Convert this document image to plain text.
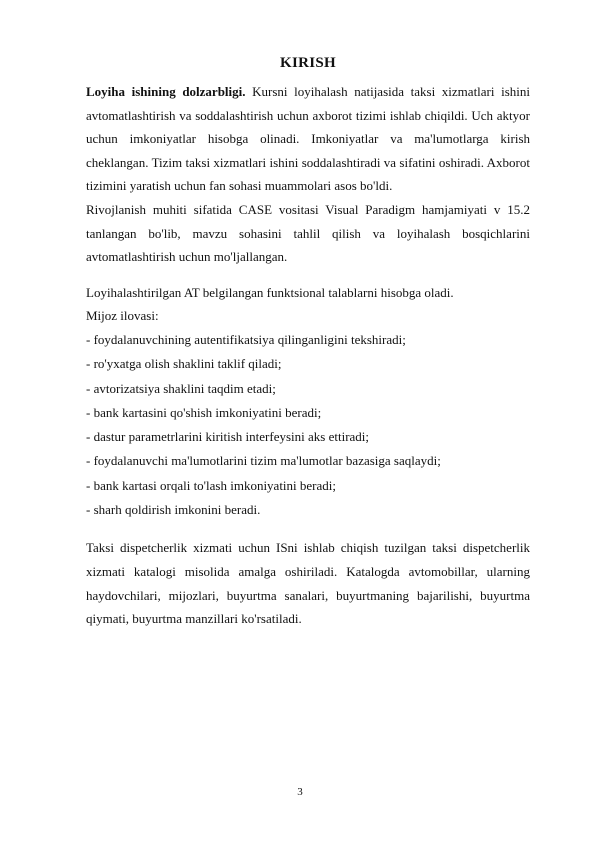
KIRISH

Loyiha ishining dolzarbligi. Kursni loyihalash natijasida taksi xizmatlari ishini avtomatlashtirish va soddalashtirish uchun axborot tizimi ishlab chiqildi. Uch aktyor uchun imkoniyatlar hisobga olinadi. Imkoniyatlar va ma'lumotlarga kirish cheklangan. Tizim taksi xizmatlari ishini soddalashtiradi va sifatini oshiradi. Axborot tizimini yaratish uchun fan sohasi muammolari asos bo'ldi.

Rivojlanish muhiti sifatida CASE vositasi Visual Paradigm hamjamiyati v 15.2 tanlangan bo'lib, mavzu sohasini tahlil qilish va loyihalash bosqichlarini avtomatlashtirish uchun mo'ljallangan.

Loyihalashtirilgan AT belgilangan funktsional talablarni hisobga oladi.

Mijoz ilovasi:

- foydalanuvchining autentifikatsiya qilinganligini tekshiradi;
- ro'yxatga olish shaklini taklif qiladi;
- avtorizatsiya shaklini taqdim etadi;
- bank kartasini qo'shish imkoniyatini beradi;
- dastur parametrlarini kiritish interfeysini aks ettiradi;
- foydalanuvchi ma'lumotlarini tizim ma'lumotlar bazasiga saqlaydi;
- bank kartasi orqali to'lash imkoniyatini beradi;
- sharh qoldirish imkonini beradi.

Taksi dispetcherlik xizmati uchun ISni ishlab chiqish tuzilgan taksi dispetcherlik xizmati katalogi misolida amalga oshiriladi. Katalogda avtomobillar, ularning haydovchilari, mijozlari, buyurtma sanalari, buyurtmaning bajarilishi, buyurtma qiymati, buyurtma manzillari ko'rsatiladi.

3
